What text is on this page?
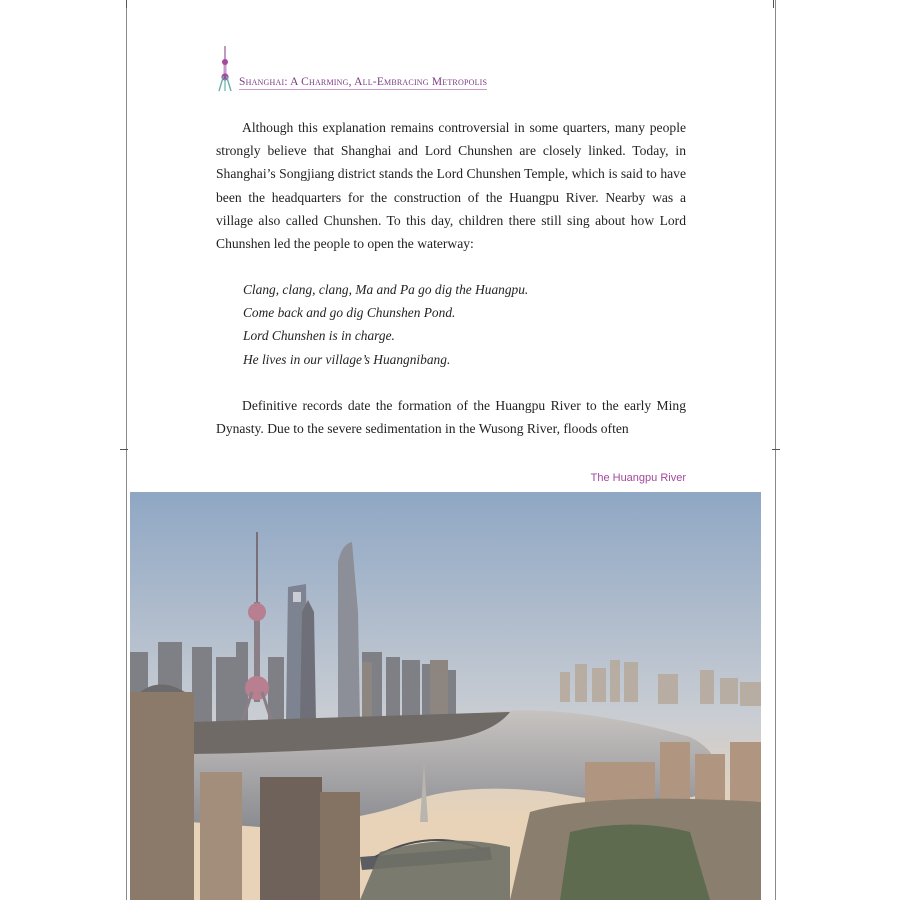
Shanghai: A Charming, All-Embracing Metropolis
Although this explanation remains controversial in some quarters, many people strongly believe that Shanghai and Lord Chunshen are closely linked. Today, in Shanghai’s Songjiang district stands the Lord Chunshen Temple, which is said to have been the headquarters for the construction of the Huangpu River. Nearby was a village also called Chunshen. To this day, children there still sing about how Lord Chunshen led the people to open the waterway:
Clang, clang, clang, Ma and Pa go dig the Huangpu.
Come back and go dig Chunshen Pond.
Lord Chunshen is in charge.
He lives in our village’s Huangnibang.
Definitive records date the formation of the Huangpu River to the early Ming Dynasty. Due to the severe sedimentation in the Wusong River, floods often
The Huangpu River
